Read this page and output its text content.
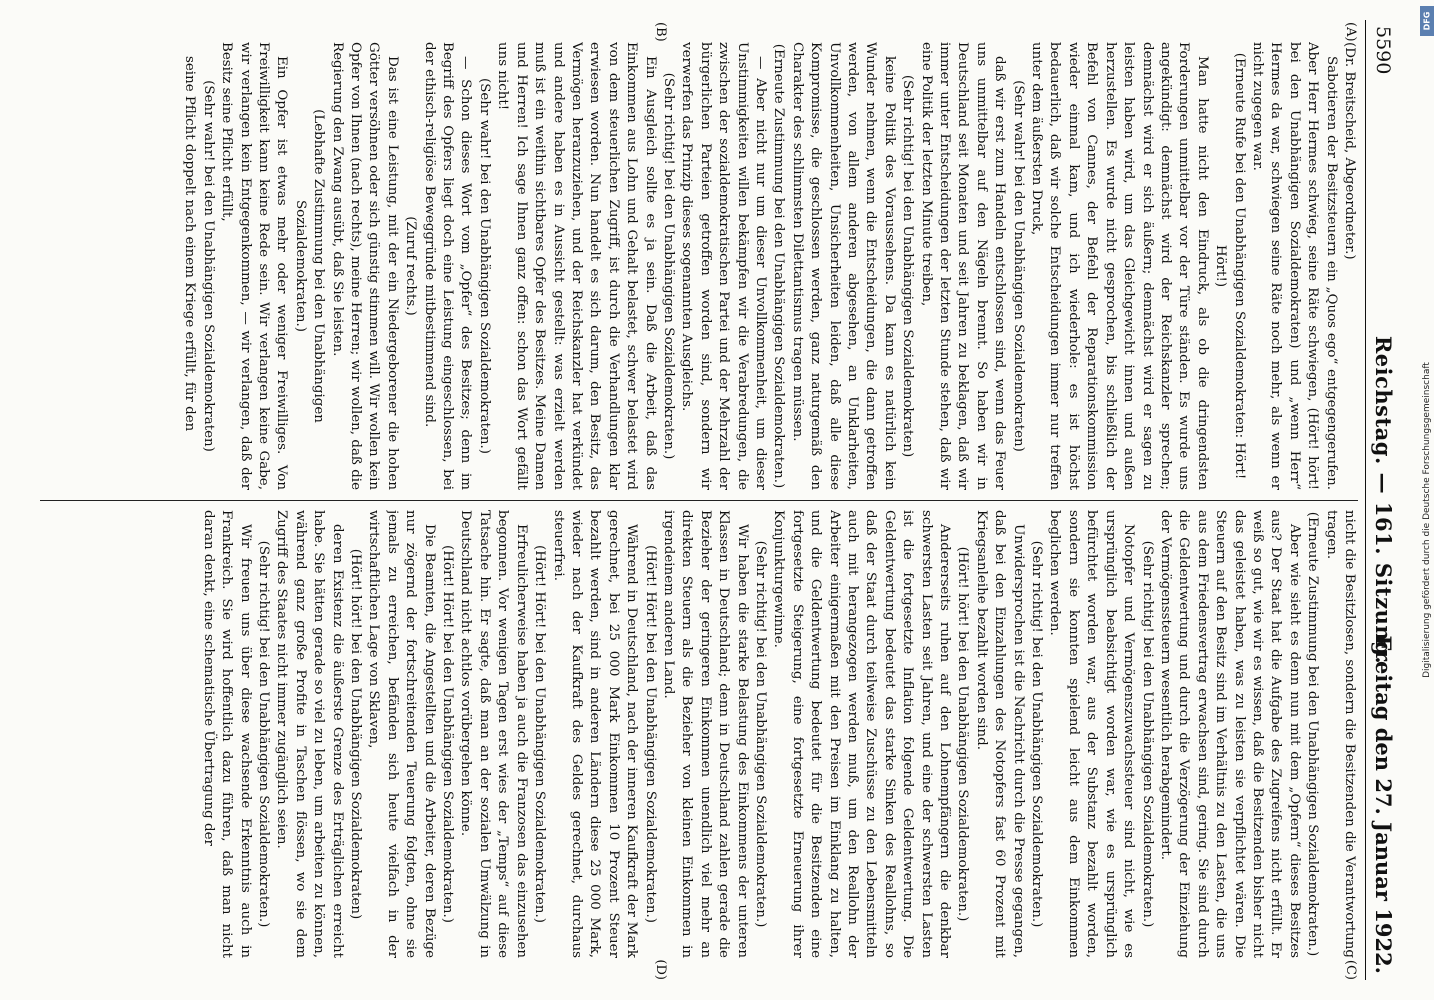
5590
Reichstag. — 161. Sitzung.
Freitag den 27. Januar 1922.
(A)
(B)
(C)
(D)

(Dr. Breitscheid, Abgeordneter.)

Sabotieren der Besitzsteuern ein „Quos ego“ entgegengerufen. Aber Herr Hermes schwieg, seine Räte schwiegen, (Hört! hört! bei den Unabhängigen Sozialdemokraten) und „wenn Herr“ Hermes da war, schwiegen seine Räte noch mehr, als wenn er nicht zugegen war.

(Erneute Rufe bei den Unabhängigen Sozialdemokraten: Hört! Hört!)

Man hatte nicht den Eindruck, als ob die dringendsten Forderungen unmittelbar vor der Türe ständen. Es wurde uns angekündigt: demnächst wird der Reichskanzler sprechen; demnächst wird er sich äußern; demnächst wird er sagen zu leisten haben wird, um das Gleichgewicht innen und außen herzustellen. Es wurde nicht gesprochen, bis schließlich der Befehl von Cannes, der Befehl der Reparationskommission wieder einmal kam, und ich wiederhole: es ist höchst bedauerlich, daß wir solche Entscheidungen immer nur treffen unter dem äußersten Druck,

(Sehr wahr! bei den Unabhängigen Sozialdemokraten)

daß wir erst zum Handeln entschlossen sind, wenn das Feuer uns unmittelbar auf den Nägeln brennt. So haben wir in Deutschland seit Monaten und seit Jahren zu beklagen, daß wir immer unter Entscheidungen der letzten Stunde stehen, daß wir eine Politik der letzten Minute treiben,

(Sehr richtig! bei den Unabhängigen Sozialdemokraten)

keine Politik des Voraussehens. Da kann es natürlich kein Wunder nehmen, wenn die Entscheidungen, die dann getroffen werden, von allem anderen abgesehen, an Unklarheiten, Unvollkommenheiten, Unsicherheiten leiden, daß alle diese Kompromisse, die geschlossen werden, ganz naturgemäß den Charakter des schlimmsten Dilettantismus tragen müssen.

(Erneute Zustimmung bei den Unabhängigen Sozialdemokraten.)

— Aber nicht nur um dieser Unvollkommenheit, um dieser Unstimmigkeiten willen bekämpfen wir die Verabredungen, die zwischen der sozialdemokratischen Partei und der Mehrzahl der bürgerlichen Parteien getroffen worden sind, sondern wir verwerfen das Prinzip dieses sogenannten Ausgleichs.

(Sehr richtig! bei den Unabhängigen Sozialdemokraten.)

Ein Ausgleich sollte es ja sein. Daß die Arbeit, daß das Einkommen aus Lohn und Gehalt belastet, schwer belastet wird von dem steuerlichen Zugriff, ist durch die Verhandlungen klar erwiesen worden. Nun handelt es sich darum, den Besitz, das Vermögen heranzuziehen, und der Reichskanzler hat verkündet und andere haben es in Aussicht gestellt: was erzielt werden muß ist ein weithin sichtbares Opfer des Besitzes. Meine Damen und Herren! Ich sage Ihnen ganz offen: schon das Wort gefällt uns nicht!

(Sehr wahr! bei den Unabhängigen Sozialdemokraten.)

— Schon dieses Wort vom „Opfer“ des Besitzes; denn im Begriff des Opfers liegt doch eine Leistung eingeschlossen, bei der ethisch-religiöse Beweggründe mitbestimmend sind.

(Zuruf rechts.)

Das ist eine Leistung, mit der ein Niedergeborener die hohen Götter versöhnen oder sich günstig stimmen will. Wir wollen kein Opfer von Ihnen (nach rechts), meine Herren; wir wollen, daß die Regierung den Zwang ausübt, daß Sie leisten.

(Lebhafte Zustimmung bei den Unabhängigen Sozialdemokraten.)

Ein Opfer ist etwas mehr oder weniger Freiwilliges. Von Freiwilligkeit kann keine Rede sein. Wir verlangen keine Gabe, wir verlangen kein Entgegenkommen, — wir verlangen, daß der Besitz seine Pflicht erfüllt,

(Sehr wahr! bei den Unabhängigen Sozialdemokraten)

seine Pflicht doppelt nach einem Kriege erfüllt, für den

nicht die Besitzlosen, sondern die Besitzenden die Verantwortung tragen.

(Erneute Zustimmung bei den Unabhängigen Sozialdemokraten.)

Aber wie sieht es denn nun mit dem „Opfern“ dieses Besitzes aus? Der Staat hat die Aufgabe des Zugreifens nicht erfüllt. Er weiß so gut, wie wir es wissen, daß die Besitzenden bisher nicht das geleistet haben, was zu leisten sie verpflichtet wären. Die Steuern auf den Besitz sind im Verhältnis zu den Lasten, die uns aus dem Friedensvertrag erwachsen sind, gering. Sie sind durch die Geldentwertung und durch die Verzögerung der Einziehung der Vermögenssteuern wesentlich herabgemindert.

(Sehr richtig! bei den Unabhängigen Sozialdemokraten.)

Notopfer und Vermögenszuwachssteuer sind nicht, wie es ursprünglich beabsichtigt worden war, wie es ursprünglich befürchtet worden war, aus der Substanz bezahlt worden, sondern sie konnten spielend leicht aus dem Einkommen beglichen werden.

(Sehr richtig! bei den Unabhängigen Sozialdemokraten.)

Unwidersprochen ist die Nachricht durch die Presse gegangen, daß bei den Einzahlungen des Notopfers fast 60 Prozent mit Kriegsanleihe bezahlt worden sind.

(Hört! hört! bei den Unabhängigen Sozialdemokraten.)

Andererseits ruhen auf den Lohnempfängern die denkbar schwersten Lasten seit Jahren, und eine der schwersten Lasten ist die fortgesetzte Inflation folgende Geldentwertung. Die Geldentwertung bedeutet das starke Sinken des Reallohns, so daß der Staat durch teilweise Zuschüsse zu den Lebensmitteln auch mit herangezogen werden muß, um den Reallohn der Arbeiter einigermaßen mit den Preisen im Einklang zu halten, und die Geldentwertung bedeutet für die Besitzenden eine fortgesetzte Steigerung, eine fortgesetzte Erneuerung ihrer Konjunkturgewinne.

(Sehr richtig! bei den Unabhängigen Sozialdemokraten.)

Wir haben die starke Belastung des Einkommens der unteren Klassen in Deutschland; denn in Deutschland zahlen gerade die Bezieher der geringeren Einkommen unendlich viel mehr an direkten Steuern als die Bezieher von kleinen Einkommen in irgendeinem anderen Land.

(Hört! Hört! bei den Unabhängigen Sozialdemokraten.)

Während in Deutschland, nach der inneren Kaufkraft der Mark gerechnet, bei 25 000 Mark Einkommen 10 Prozent Steuer bezahlt werden, sind in anderen Ländern diese 25 000 Mark, wieder nach der Kaufkraft des Geldes gerechnet, durchaus steuerfrei.

(Hört! Hört! bei den Unabhängigen Sozialdemokraten.)

Erfreulicherweise haben ja auch die Franzosen das einzusehen begonnen. Vor wenigen Tagen erst wies der „Temps“ auf diese Tatsache hin. Er sagte, daß man an der sozialen Umwälzung in Deutschland nicht achtlos vorübergehen könne.

(Hört! Hört! bei den Unabhängigen Sozialdemokraten.)

Die Beamten, die Angestellten und die Arbeiter, deren Bezüge nur zögernd der fortschreitenden Teuerung folgten, ohne sie jemals zu erreichen, befänden sich heute vielfach in der wirtschaftlichen Lage von Sklaven,

(Hört! hört! bei den Unabhängigen Sozialdemokraten)

deren Existenz die äußerste Grenze des Erträglichen erreicht habe. Sie hätten gerade so viel zu leben, um arbeiten zu können, während ganz große Profite in Taschen flössen, wo sie dem Zugriff des Staates nicht immer zugänglich seien.

(Sehr richtig! bei den Unabhängigen Sozialdemokraten.)

Wir freuen uns über diese wachsende Erkenntnis auch in Frankreich. Sie wird hoffentlich dazu führen, daß man nicht daran denkt, eine schematische Übertragung der

DFG
Digitalisierung gefördert durch die Deutsche Forschungsgemeinschaft
